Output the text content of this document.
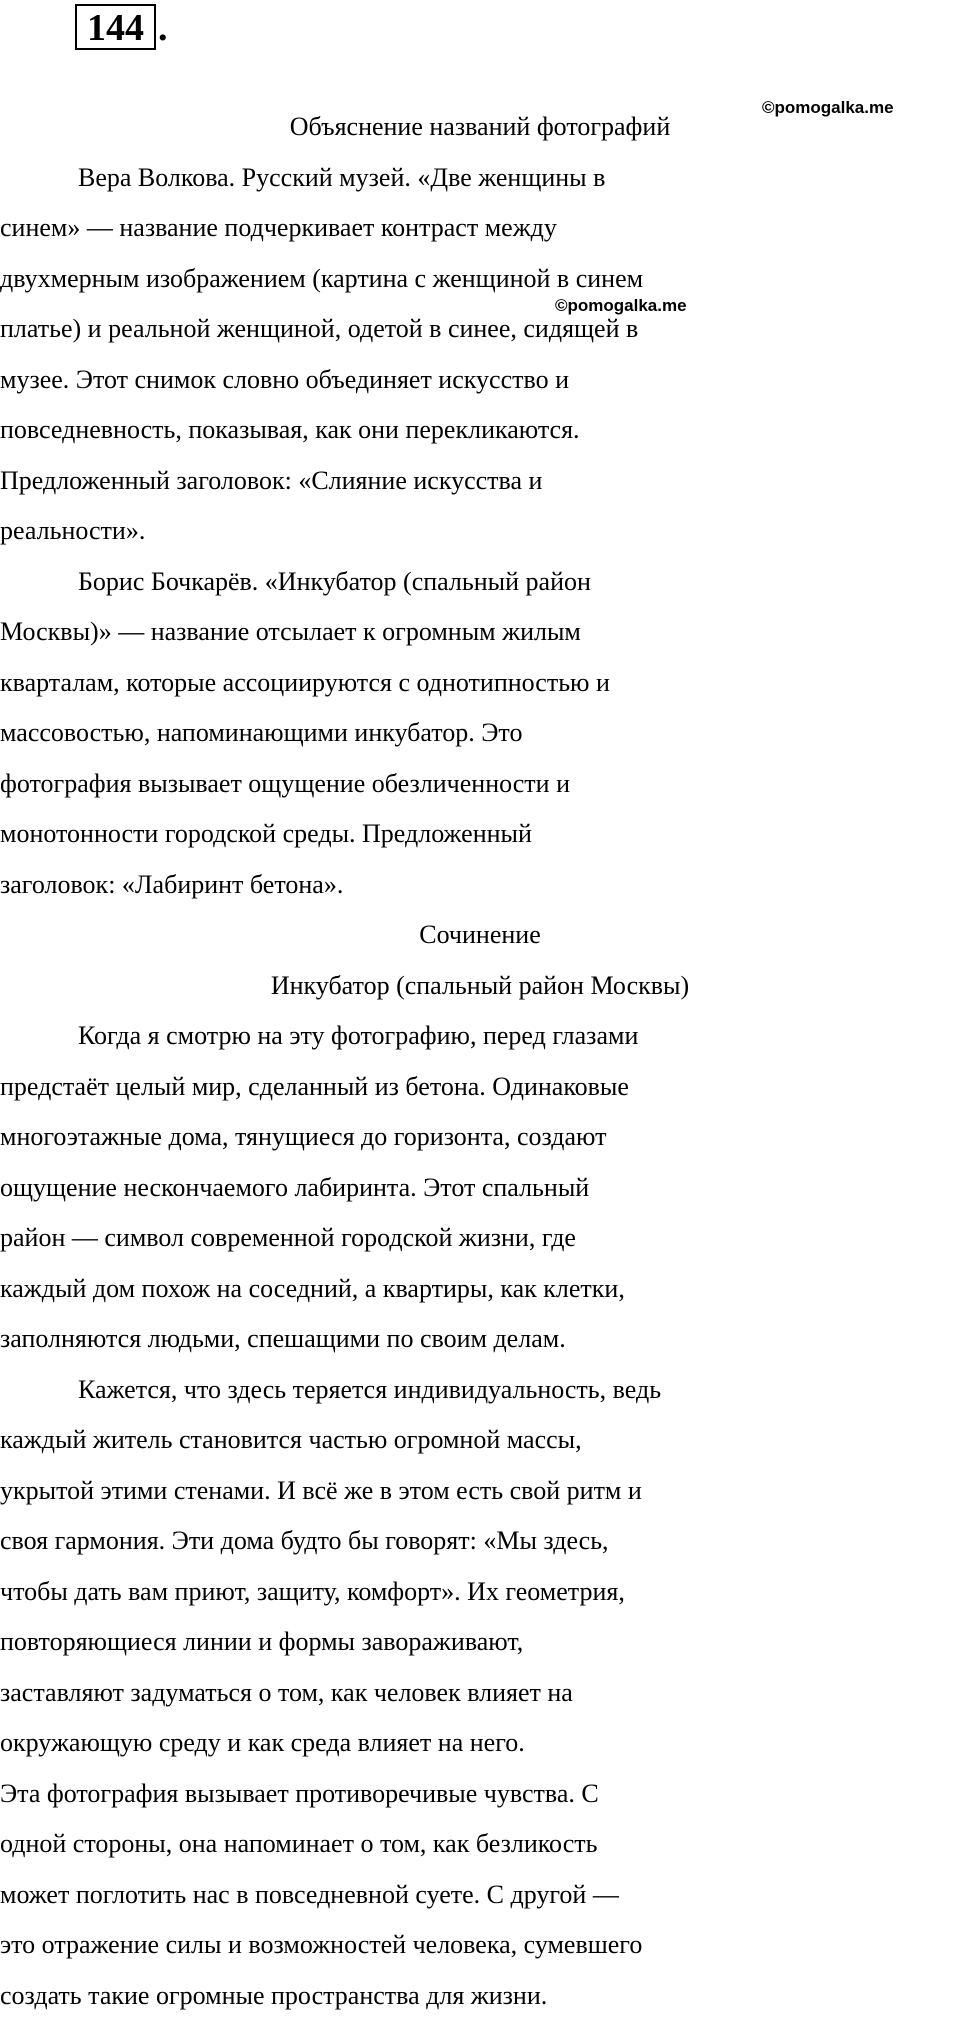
144 .
©pomogalka.me
©pomogalka.me
Объяснение названий фотографий
Вера Волкова. Русский музей. «Две женщины в
синем» — название подчеркивает контраст между
двухмерным изображением (картина с женщиной в синем
платье) и реальной женщиной, одетой в синее, сидящей в
музее. Этот снимок словно объединяет искусство и
повседневность, показывая, как они перекликаются.
Предложенный заголовок: «Слияние искусства и
реальности».
Борис Бочкарёв. «Инкубатор (спальный район
Москвы)» — название отсылает к огромным жилым
кварталам, которые ассоциируются с однотипностью и
массовостью, напоминающими инкубатор. Это
фотография вызывает ощущение обезличенности и
монотонности городской среды. Предложенный
заголовок: «Лабиринт бетона».
Сочинение
Инкубатор (спальный район Москвы)
Когда я смотрю на эту фотографию, перед глазами
предстаёт целый мир, сделанный из бетона. Одинаковые
многоэтажные дома, тянущиеся до горизонта, создают
ощущение нескончаемого лабиринта. Этот спальный
район — символ современной городской жизни, где
каждый дом похож на соседний, а квартиры, как клетки,
заполняются людьми, спешащими по своим делам.
Кажется, что здесь теряется индивидуальность, ведь
каждый житель становится частью огромной массы,
укрытой этими стенами. И всё же в этом есть свой ритм и
своя гармония. Эти дома будто бы говорят: «Мы здесь,
чтобы дать вам приют, защиту, комфорт». Их геометрия,
повторяющиеся линии и формы завораживают,
заставляют задуматься о том, как человек влияет на
окружающую среду и как среда влияет на него.
Эта фотография вызывает противоречивые чувства. С
одной стороны, она напоминает о том, как безликость
может поглотить нас в повседневной суете. С другой —
это отражение силы и возможностей человека, сумевшего
создать такие огромные пространства для жизни.
